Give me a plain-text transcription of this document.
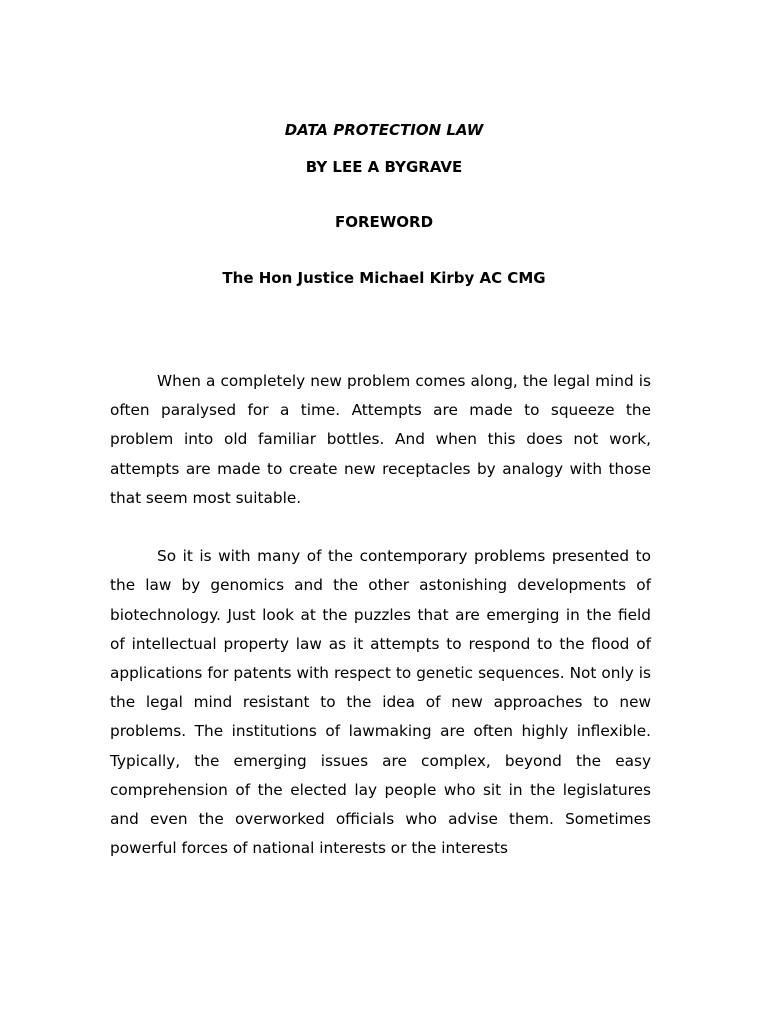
DATA PROTECTION LAW
BY LEE A BYGRAVE
FOREWORD
The Hon Justice Michael Kirby AC CMG

When a completely new problem comes along, the legal mind is often paralysed for a time. Attempts are made to squeeze the problem into old familiar bottles. And when this does not work, attempts are made to create new receptacles by analogy with those that seem most suitable.

So it is with many of the contemporary problems presented to the law by genomics and the other astonishing developments of biotechnology. Just look at the puzzles that are emerging in the field of intellectual property law as it attempts to respond to the flood of applications for patents with respect to genetic sequences. Not only is the legal mind resistant to the idea of new approaches to new problems. The institutions of lawmaking are often highly inflexible. Typically, the emerging issues are complex, beyond the easy comprehension of the elected lay people who sit in the legislatures and even the overworked officials who advise them. Sometimes powerful forces of national interests or the interests
